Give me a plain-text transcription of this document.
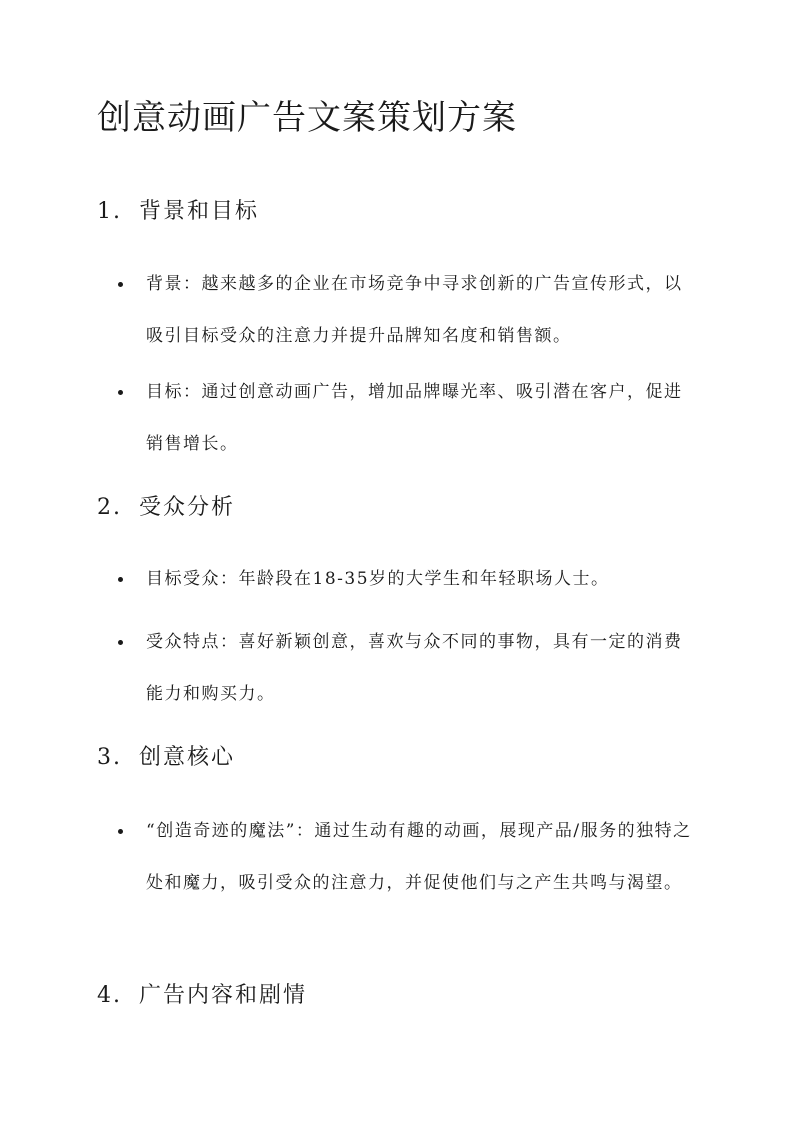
创意动画广告文案策划方案
1. 背景和目标
背景：越来越多的企业在市场竞争中寻求创新的广告宣传形式，以吸引目标受众的注意力并提升品牌知名度和销售额。
目标：通过创意动画广告，增加品牌曝光率、吸引潜在客户，促进销售增长。
2. 受众分析
目标受众：年龄段在18-35岁的大学生和年轻职场人士。
受众特点：喜好新颖创意，喜欢与众不同的事物，具有一定的消费能力和购买力。
3. 创意核心
“创造奇迹的魔法”：通过生动有趣的动画，展现产品/服务的独特之处和魔力，吸引受众的注意力，并促使他们与之产生共鸣与渴望。
4. 广告内容和剧情
